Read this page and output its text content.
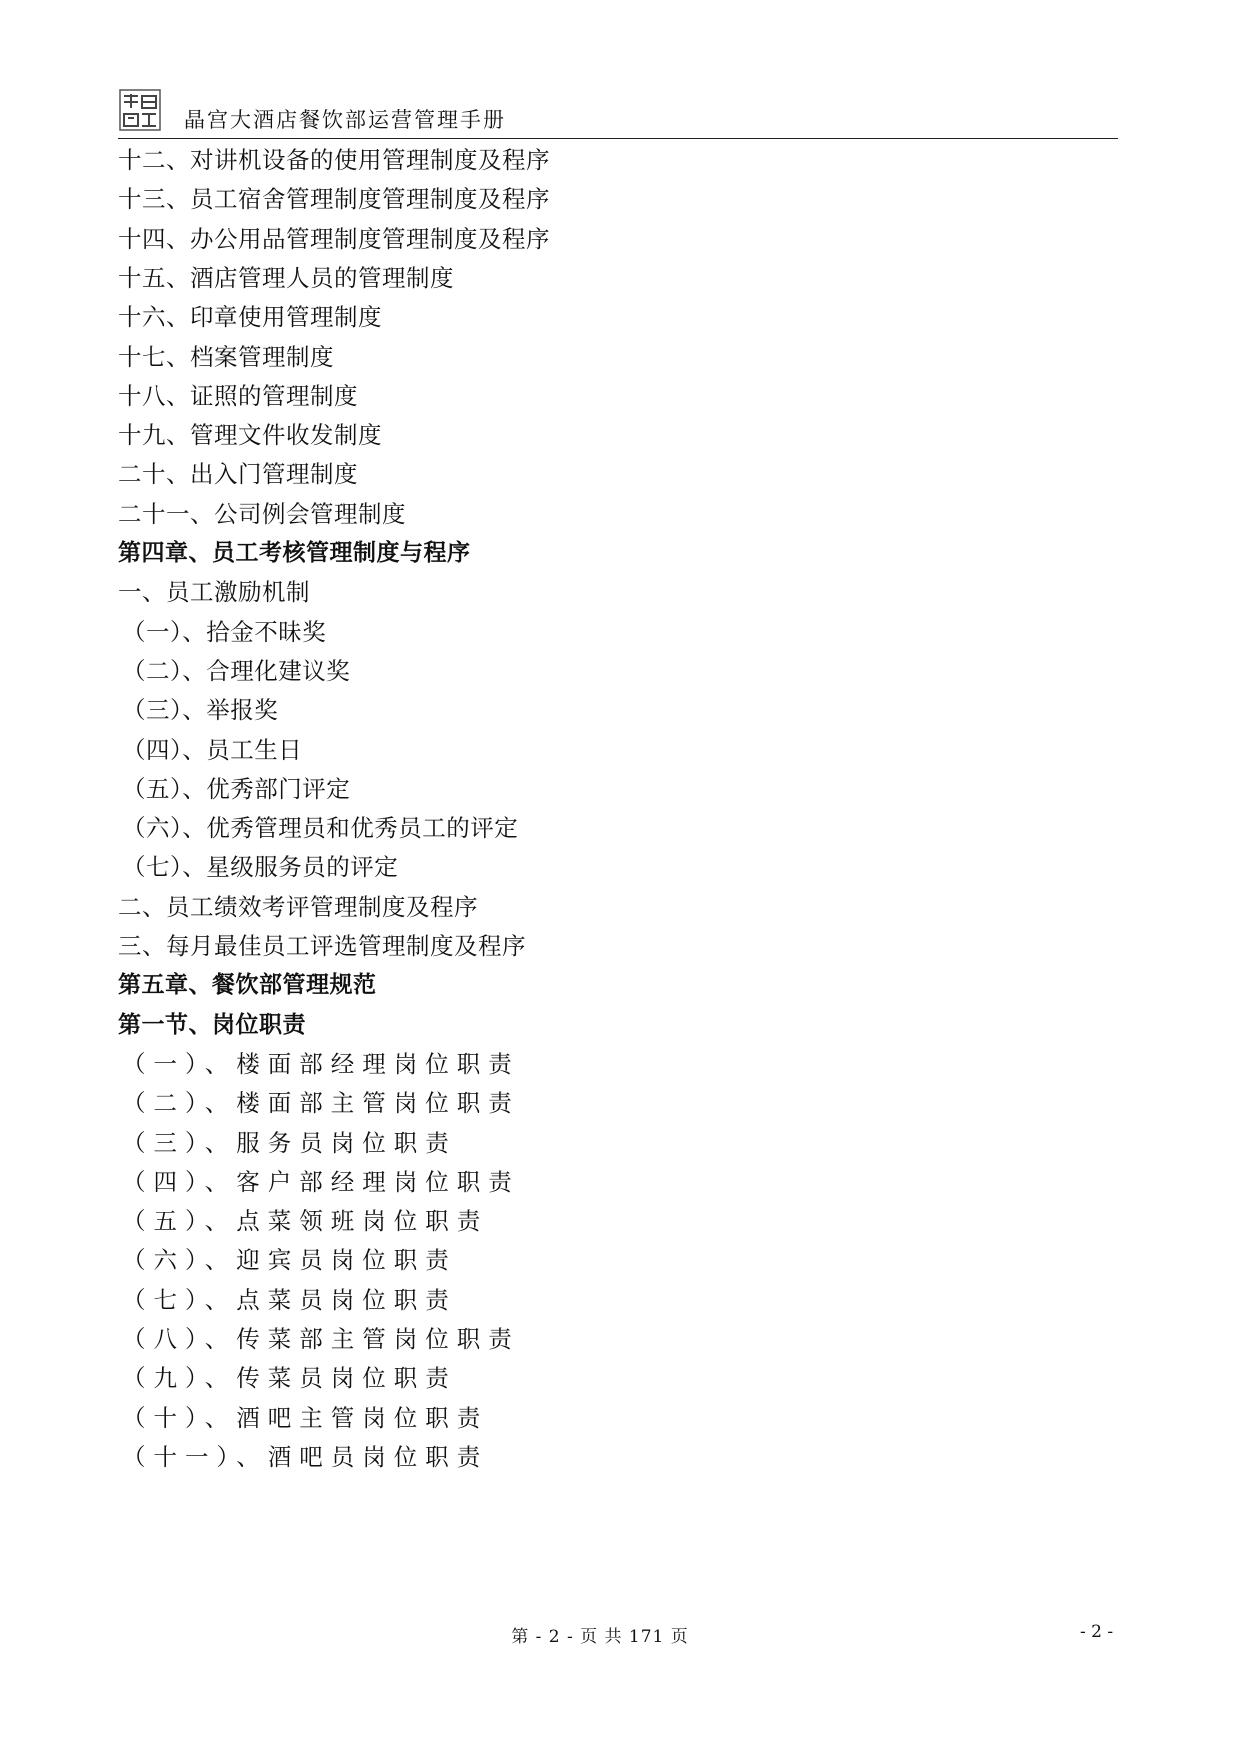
晶宫大酒店餐饮部运营管理手册
十二、对讲机设备的使用管理制度及程序
十三、员工宿舍管理制度管理制度及程序
十四、办公用品管理制度管理制度及程序
十五、酒店管理人员的管理制度
十六、印章使用管理制度
十七、档案管理制度
十八、证照的管理制度
十九、管理文件收发制度
二十、出入门管理制度
二十一、公司例会管理制度
第四章、员工考核管理制度与程序
一、员工激励机制
（一）、拾金不昧奖
（二）、合理化建议奖
（三）、举报奖
（四）、员工生日
（五）、优秀部门评定
（六）、优秀管理员和优秀员工的评定
（七）、星级服务员的评定
二、员工绩效考评管理制度及程序
三、每月最佳员工评选管理制度及程序
第五章、餐饮部管理规范
第一节、岗位职责
（一）、楼面部经理岗位职责
（二）、楼面部主管岗位职责
（三）、服务员岗位职责
（四）、客户部经理岗位职责
（五）、点菜领班岗位职责
（六）、迎宾员岗位职责
（七）、点菜员岗位职责
（八）、传菜部主管岗位职责
（九）、传菜员岗位职责
（十）、酒吧主管岗位职责
（十一）、酒吧员岗位职责
第 - 2 - 页 共 171 页	- 2 -
